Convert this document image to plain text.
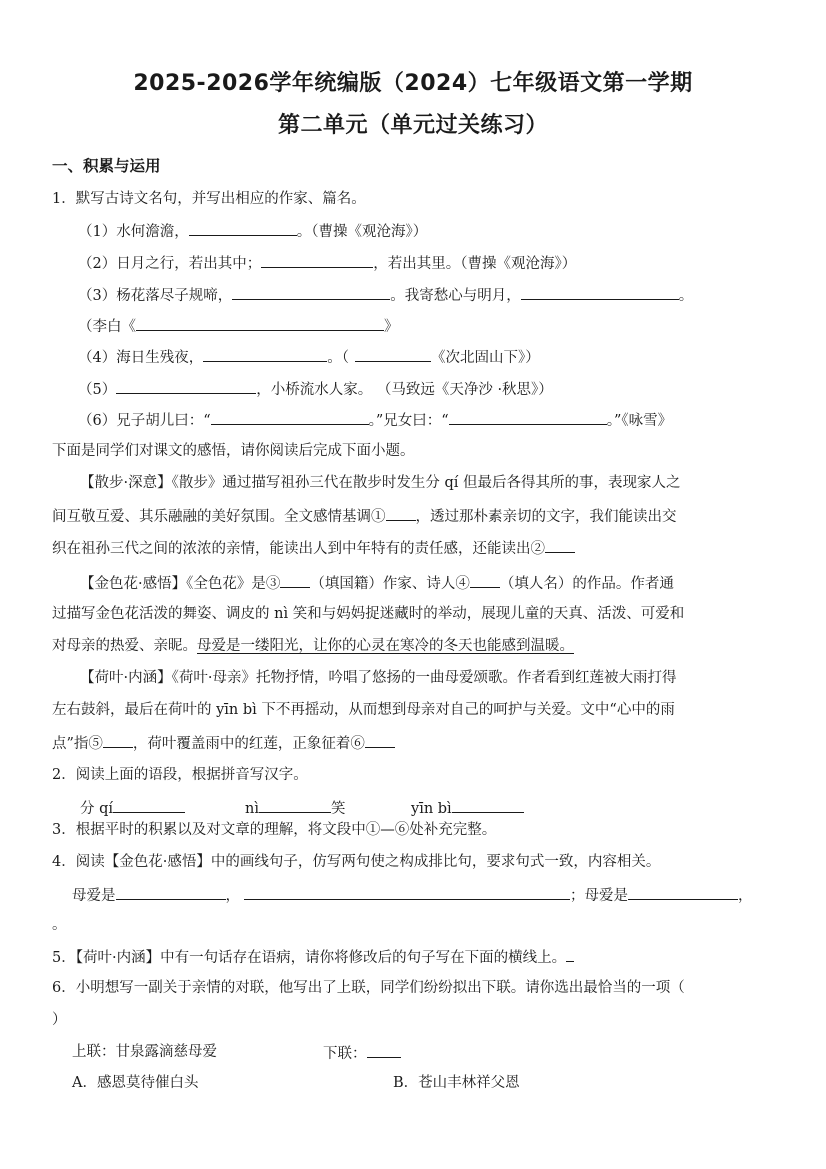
2025-2026学年统编版（2024）七年级语文第一学期
第二单元（单元过关练习）
一、积累与运用
1．默写古诗文名句，并写出相应的作家、篇名。
（1）水何澹澹，	。（曹操《观沧海》）
（2）日月之行，若出其中；	，若出其里。（曹操《观沧海》）
（3）杨花落尽子规啼，	。我寄愁心与明月，	。
（李白《	》
（4）海日生残夜，	。（	《次北固山下》）
（5）	，小桥流水人家。 （马致远《天净沙 ·秋思》）
（6）兄子胡儿曰：“	。”兄女曰：“	。”《咏雪》
下面是同学们对课文的感悟，请你阅读后完成下面小题。
【散步·深意】《散步》通过描写祖孙三代在散步时发生分 qí 但最后各得其所的事，表现家人之
间互敬互爱、其乐融融的美好氛围。全文感情基调① ，透过那朴素亲切的文字，我们能读出交
织在祖孙三代之间的浓浓的亲情，能读出人到中年特有的责任感，还能读出②
【金色花·感悟】《全色花》是③ （填国籍）作家、诗人④ （填人名）的作品。作者通
过描写金色花活泼的舞姿、调皮的 nì 笑和与妈妈捉迷藏时的举动，展现儿童的天真、活泼、可爱和
对母亲的热爱、亲昵。母爱是一缕阳光，让你的心灵在寒冷的冬天也能感到温暖。
【荷叶·内涵】《荷叶·母亲》托物抒情，吟唱了悠扬的一曲母爱颂歌。作者看到红莲被大雨打得
左右鼓斜，最后在荷叶的 yīn bì 下不再摇动，从而想到母亲对自己的呵护与关爱。文中“心中的雨
点”指⑤ ，荷叶覆盖雨中的红莲，正象征着⑥
2．阅读上面的语段，根据拼音写汉字。
分 qí	nì	笑	yīn bì
3．根据平时的积累以及对文章的理解，将文段中①—⑥处补充完整。
4．阅读【金色花·感悟】中的画线句子，仿写两句使之构成排比句，要求句式一致，内容相关。
母爱是	，	；母爱是	，
。
5．【荷叶·内涵】中有一句话存在语病，请你将修改后的句子写在下面的横线上。
6．小明想写一副关于亲情的对联，他写出了上联，同学们纷纷拟出下联。请你选出最恰当的一项（
）
上联：甘泉露滴慈母爱	下联：
A．感恩莫待催白头	B．苍山丰林祥父恩
